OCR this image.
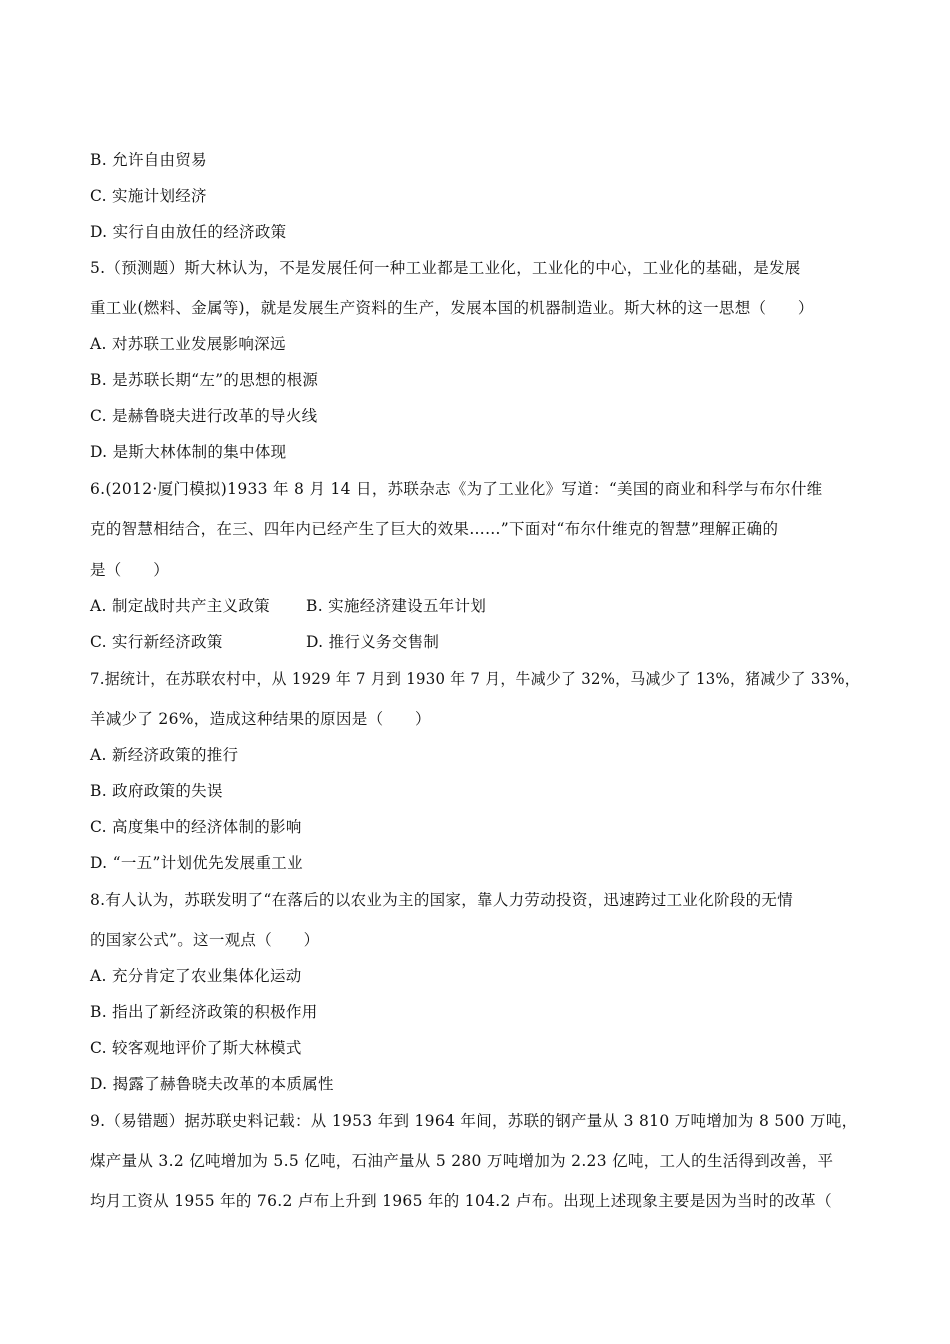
B. 允许自由贸易
C. 实施计划经济
D. 实行自由放任的经济政策
5.（预测题）斯大林认为，不是发展任何一种工业都是工业化，工业化的中心，工业化的基础，是发展
重工业(燃料、金属等)，就是发展生产资料的生产，发展本国的机器制造业。斯大林的这一思想（　　）
A. 对苏联工业发展影响深远
B. 是苏联长期“左”的思想的根源
C. 是赫鲁晓夫进行改革的导火线
D. 是斯大林体制的集中体现
6.(2012·厦门模拟)1933 年 8 月 14 日，苏联杂志《为了工业化》写道：“美国的商业和科学与布尔什维
克的智慧相结合，在三、四年内已经产生了巨大的效果……”下面对“布尔什维克的智慧”理解正确的
是（　　）
A. 制定战时共产主义政策 B. 实施经济建设五年计划
C. 实行新经济政策	D. 推行义务交售制
7.据统计，在苏联农村中，从 1929 年 7 月到 1930 年 7 月，牛减少了 32%，马减少了 13%，猪减少了 33%，
羊减少了 26%，造成这种结果的原因是（　　）
A. 新经济政策的推行
B. 政府政策的失误
C. 高度集中的经济体制的影响
D. “一五”计划优先发展重工业
8.有人认为，苏联发明了“在落后的以农业为主的国家，靠人力劳动投资，迅速跨过工业化阶段的无情
的国家公式”。这一观点（　　）
A. 充分肯定了农业集体化运动
B. 指出了新经济政策的积极作用
C. 较客观地评价了斯大林模式
D. 揭露了赫鲁晓夫改革的本质属性
9.（易错题）据苏联史料记载：从 1953 年到 1964 年间，苏联的钢产量从 3 810 万吨增加为 8 500 万吨，
煤产量从 3.2 亿吨增加为 5.5 亿吨，石油产量从 5 280 万吨增加为 2.23 亿吨，工人的生活得到改善，平
均月工资从 1955 年的 76.2 卢布上升到 1965 年的 104.2 卢布。出现上述现象主要是因为当时的改革（
